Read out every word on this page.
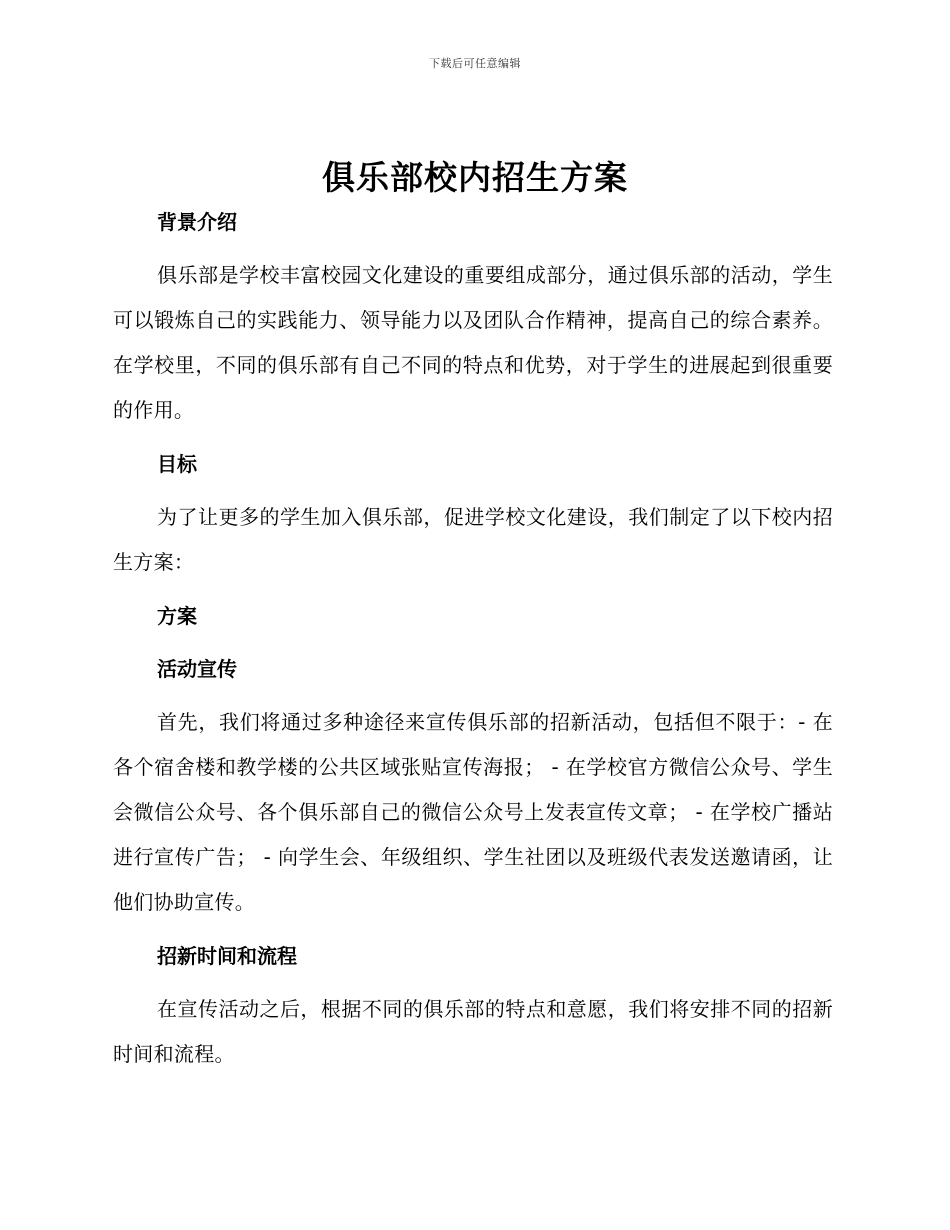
下载后可任意编辑
俱乐部校内招生方案
背景介绍

俱乐部是学校丰富校园文化建设的重要组成部分，通过俱乐部的活动，学生可以锻炼自己的实践能力、领导能力以及团队合作精神，提高自己的综合素养。在学校里，不同的俱乐部有自己不同的特点和优势，对于学生的进展起到很重要的作用。

目标

为了让更多的学生加入俱乐部，促进学校文化建设，我们制定了以下校内招生方案：

方案
活动宣传

首先，我们将通过多种途径来宣传俱乐部的招新活动，包括但不限于：- 在各个宿舍楼和教学楼的公共区域张贴宣传海报； - 在学校官方微信公众号、学生会微信公众号、各个俱乐部自己的微信公众号上发表宣传文章； - 在学校广播站进行宣传广告； - 向学生会、年级组织、学生社团以及班级代表发送邀请函，让他们协助宣传。

招新时间和流程

在宣传活动之后，根据不同的俱乐部的特点和意愿，我们将安排不同的招新时间和流程。
